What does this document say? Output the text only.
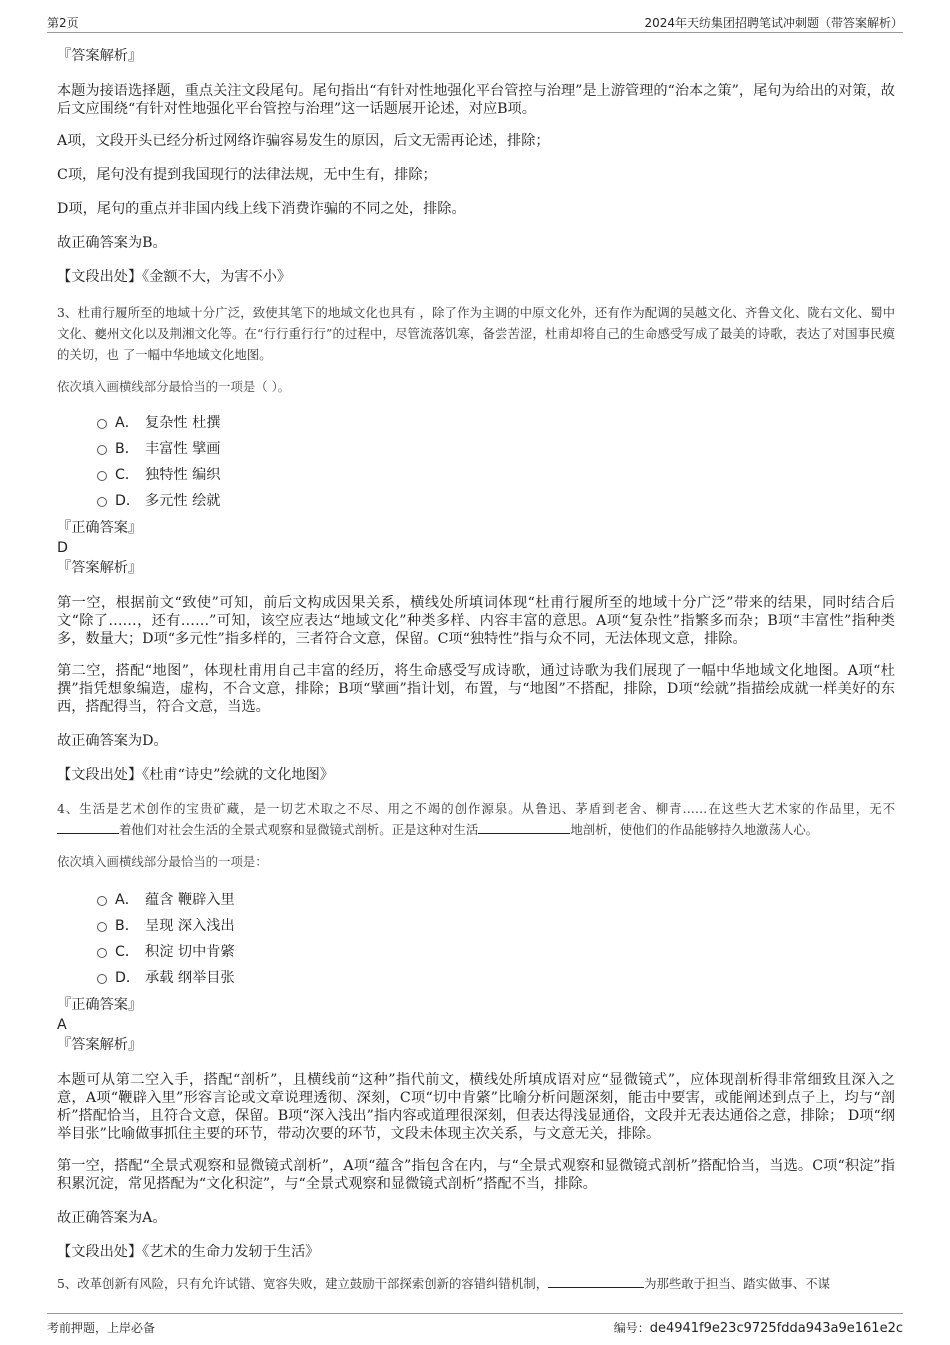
第2页	2024年天纺集团招聘笔试冲刺题（带答案解析）

『答案解析』

本题为接语选择题，重点关注文段尾句。尾句指出“有针对性地强化平台管控与治理”是上游管理的“治本之策”，尾句为给出的对策，故后文应围绕“有针对性地强化平台管控与治理”这一话题展开论述，对应B项。

A项，文段开头已经分析过网络诈骗容易发生的原因，后文无需再论述，排除；

C项，尾句没有提到我国现行的法律法规，无中生有，排除；

D项，尾句的重点并非国内线上线下消费诈骗的不同之处，排除。

故正确答案为B。

【文段出处】《金额不大，为害不小》

3、杜甫行履所至的地域十分广泛，致使其笔下的地域文化也具有 ，除了作为主调的中原文化外，还有作为配调的吴越文化、齐鲁文化、陇右文化、蜀中文化、夔州文化以及荆湘文化等。在“行行重行行”的过程中，尽管流落饥寒，备尝苦涩，杜甫却将自己的生命感受写成了最美的诗歌，表达了对国事民瘼的关切，也 了一幅中华地域文化地图。

依次填入画横线部分最恰当的一项是（ ）。

A． 复杂性 杜撰
B． 丰富性 擘画
C． 独特性 编织
D． 多元性 绘就

『正确答案』

D

『答案解析』

第一空，根据前文“致使”可知，前后文构成因果关系，横线处所填词体现“杜甫行履所至的地域十分广泛”带来的结果，同时结合后文“除了……，还有……”可知，该空应表达“地域文化”种类多样、内容丰富的意思。A项“复杂性”指繁多而杂；B项“丰富性”指种类多，数量大；D项“多元性”指多样的，三者符合文意，保留。C项“独特性”指与众不同，无法体现文意，排除。

第二空，搭配“地图”，体现杜甫用自己丰富的经历，将生命感受写成诗歌，通过诗歌为我们展现了一幅中华地域文化地图。A项“杜撰”指凭想象编造，虚构，不合文意，排除；B项“擘画”指计划，布置，与“地图”不搭配，排除，D项“绘就”指描绘成就一样美好的东西，搭配得当，符合文意，当选。

故正确答案为D。

【文段出处】《杜甫“诗史”绘就的文化地图》

4、生活是艺术创作的宝贵矿藏，是一切艺术取之不尽、用之不竭的创作源泉。从鲁迅、茅盾到老舍、柳青……在这些大艺术家的作品里，无不着他们对社会生活的全景式观察和显微镜式剖析。正是这种对生活	地剖析，使他们的作品能够持久地激荡人心。

依次填入画横线部分最恰当的一项是：

A． 蕴含 鞭辟入里
B． 呈现 深入浅出
C． 积淀 切中肯綮
D． 承载 纲举目张

『正确答案』

A

『答案解析』

本题可从第二空入手，搭配“剖析”，且横线前“这种”指代前文，横线处所填成语对应“显微镜式”，应体现剖析得非常细致且深入之意，A项“鞭辟入里”形容言论或文章说理透彻、深刻，C项“切中肯綮”比喻分析问题深刻，能击中要害，或能阐述到点子上，均与“剖析”搭配恰当，且符合文意，保留。B项“深入浅出”指内容或道理很深刻，但表达得浅显通俗，文段并无表达通俗之意，排除； D项“纲举目张”比喻做事抓住主要的环节，带动次要的环节，文段未体现主次关系，与文意无关，排除。

第一空，搭配“全景式观察和显微镜式剖析”，A项“蕴含”指包含在内，与“全景式观察和显微镜式剖析”搭配恰当，当选。C项“积淀”指积累沉淀，常见搭配为“文化积淀”，与“全景式观察和显微镜式剖析”搭配不当，排除。

故正确答案为A。

【文段出处】《艺术的生命力发轫于生活》

5、改革创新有风险，只有允许试错、宽容失败，建立鼓励干部探索创新的容错纠错机制，	为那些敢于担当、踏实做事、不谋

考前押题，上岸必备	编号：de4941f9e23c9725fdda943a9e161e2c
